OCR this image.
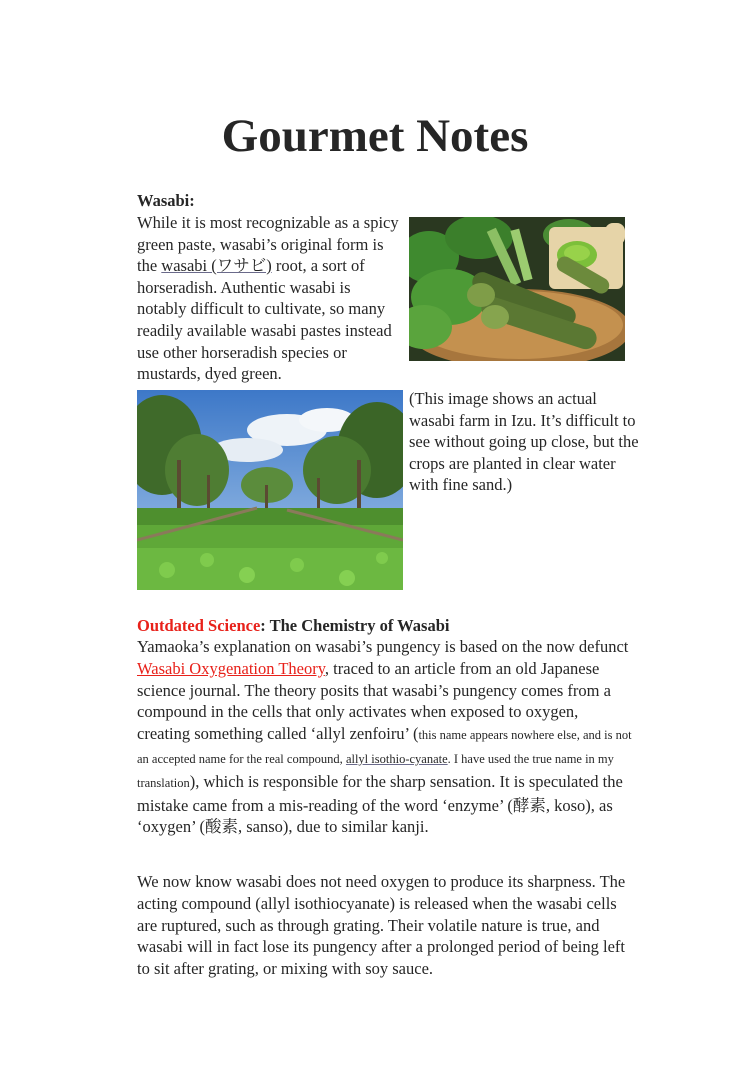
Gourmet Notes
Wasabi:
While it is most recognizable as a spicy green paste, wasabi’s original form is the wasabi (ワサビ) root, a sort of horseradish. Authentic wasabi is notably difficult to cultivate, so many readily available wasabi pastes instead use other horseradish species or mustards, dyed green.
(This image shows an actual wasabi farm in Izu. It’s difficult to see without going up close, but the crops are planted in clear water with fine sand.)
Outdated Science: The Chemistry of Wasabi
Yamaoka’s explanation on wasabi’s pungency is based on the now defunct Wasabi Oxygenation Theory, traced to an article from an old Japanese science journal. The theory posits that wasabi’s pungency comes from a compound in the cells that only activates when exposed to oxygen, creating something called ‘allyl zenfoiru’ (this name appears nowhere else, and is not an accepted name for the real compound, allyl isothio-cyanate. I have used the true name in my translation), which is responsible for the sharp sensation. It is speculated the mistake came from a mis-reading of the word ‘enzyme’ (酵素, koso), as ‘oxygen’ (酸素, sanso), due to similar kanji.
We now know wasabi does not need oxygen to produce its sharpness. The acting compound (allyl isothiocyanate) is released when the wasabi cells are ruptured, such as through grating. Their volatile nature is true, and wasabi will in fact lose its pungency after a prolonged period of being left to sit after grating, or mixing with soy sauce.
